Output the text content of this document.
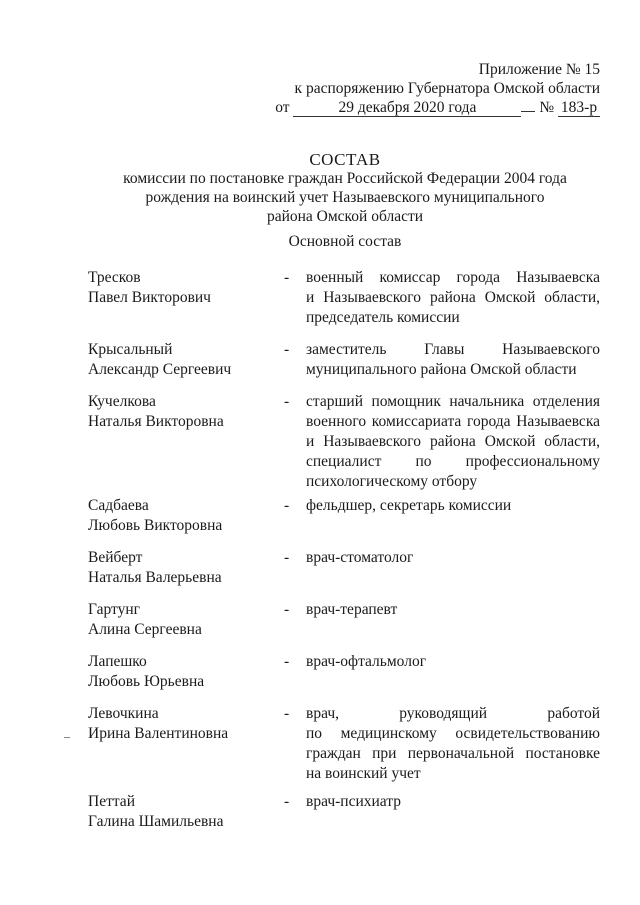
Приложение № 15
к распоряжению Губернатора Омской области
от	29 декабря 2020 года	№ 183-р
СОСТАВ
комиссии по постановке граждан Российской Федерации 2004 года
рождения на воинский учет Называевского муниципального
района Омской области
Основной состав
Тресков
Павел Викторович
- военный комиссар города Называевска
и Называевского района Омской области,
председатель комиссии
Крысальный
Александр Сергеевич
- заместитель Главы Называевского
муниципального района Омской области
Кучелкова
Наталья Викторовна
- старший помощник начальника отделения
военного комиссариата города Называевска
и Называевского района Омской области,
специалист по профессиональному
психологическому отбору
Садбаева
Любовь Викторовна
- фельдшер, секретарь комиссии
Вейберт
Наталья Валерьевна
- врач-стоматолог
Гартунг
Алина Сергеевна
- врач-терапевт
Лапешко
Любовь Юрьевна
- врач-офтальмолог
Левочкина
Ирина Валентиновна
- врач, руководящий работой
по медицинскому освидетельствованию
граждан при первоначальной постановке
на воинский учет
Петтай
Галина Шамильевна
- врач-психиатр
